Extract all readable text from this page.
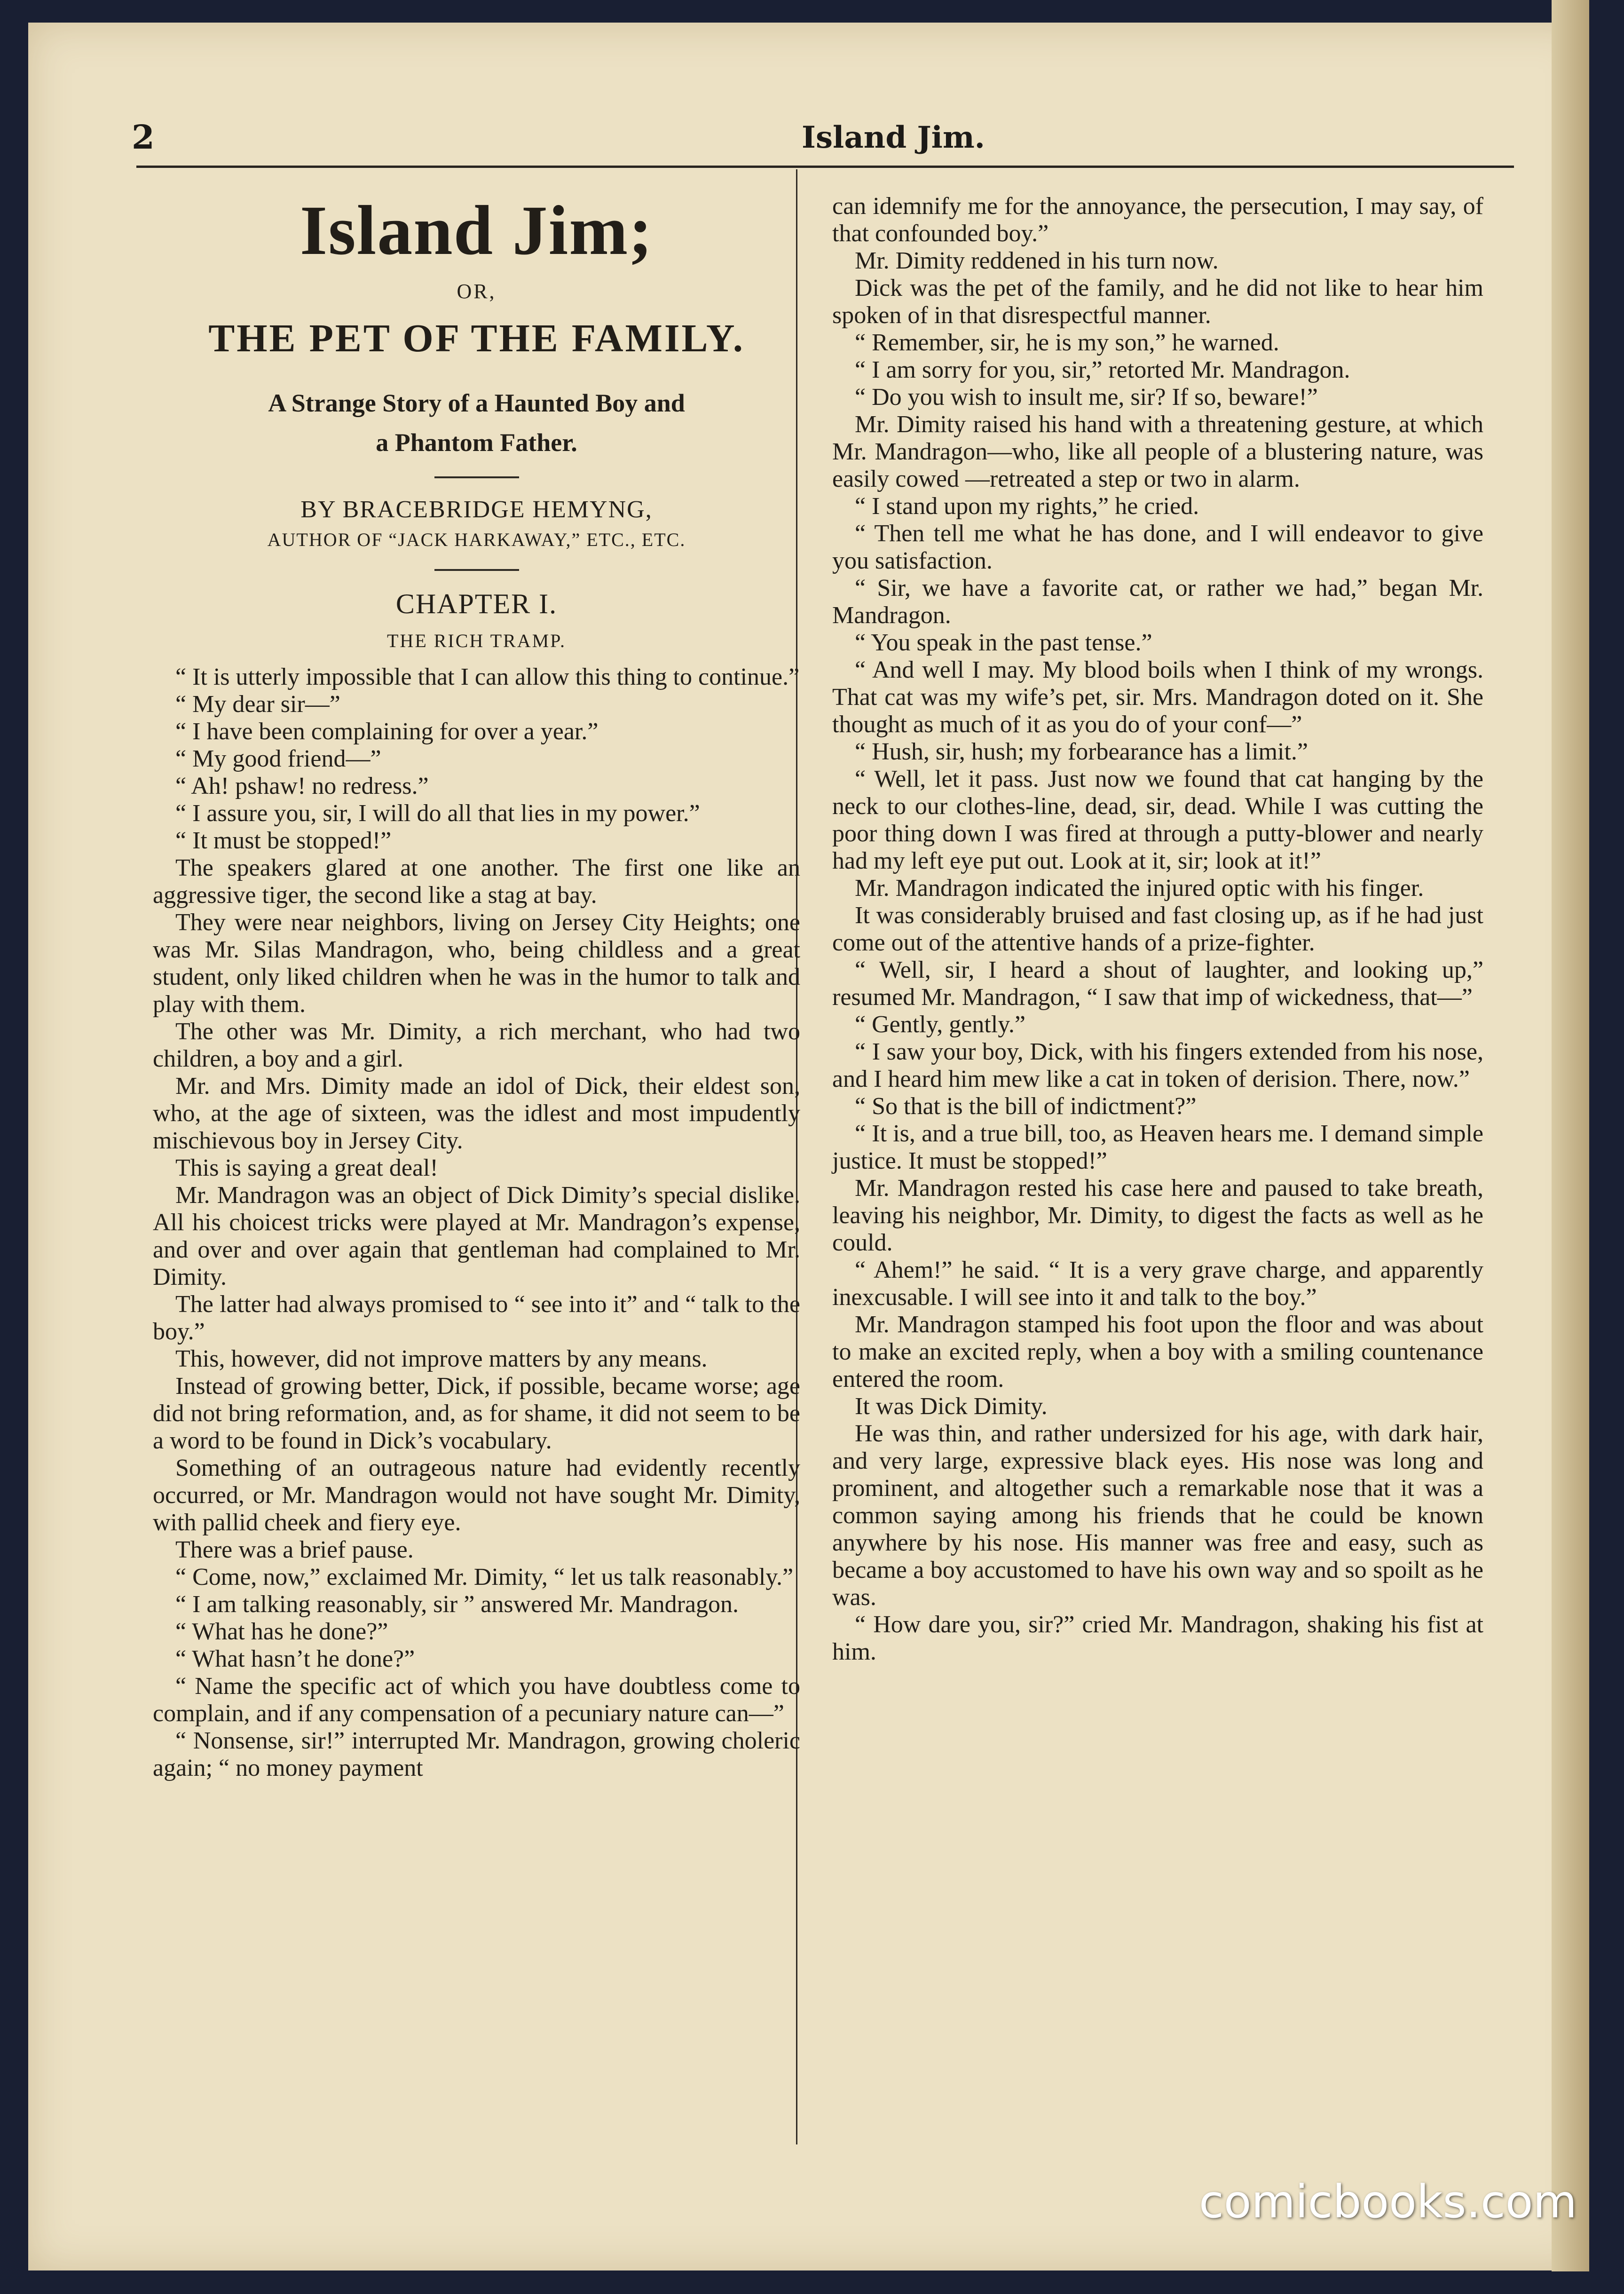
2	Island Jim.
Island Jim;
OR,
THE PET OF THE FAMILY.
A Strange Story of a Haunted Boy and
a Phantom Father.
BY BRACEBRIDGE HEMYNG,
AUTHOR OF “JACK HARKAWAY,” ETC., ETC.
CHAPTER I.
THE RICH TRAMP.

“ It is utterly impossible that I can allow this thing to continue.”

“ My dear sir—”

“ I have been complaining for over a year.”

“ My good friend—”

“ Ah! pshaw! no redress.”

“ I assure you, sir, I will do all that lies in my power.”

“ It must be stopped!”

The speakers glared at one another. The first one like an aggressive tiger, the second like a stag at bay.

They were near neighbors, living on Jersey City Heights; one was Mr. Silas Mandragon, who, being childless and a great student, only liked children when he was in the humor to talk and play with them.

The other was Mr. Dimity, a rich merchant, who had two children, a boy and a girl.

Mr. and Mrs. Dimity made an idol of Dick, their eldest son, who, at the age of sixteen, was the idlest and most impudently mischievous boy in Jersey City.

This is saying a great deal!

Mr. Mandragon was an object of Dick Dimity’s special dislike. All his choicest tricks were played at Mr. Mandragon’s expense, and over and over again that gentleman had complained to Mr. Dimity.

The latter had always promised to “ see into it” and “ talk to the boy.”

This, however, did not improve matters by any means.

Instead of growing better, Dick, if possible, became worse; age did not bring reformation, and, as for shame, it did not seem to be a word to be found in Dick’s vocabulary.

Something of an outrageous nature had evidently recently occurred, or Mr. Mandragon would not have sought Mr. Dimity, with pallid cheek and fiery eye.

There was a brief pause.

“ Come, now,” exclaimed Mr. Dimity, “ let us talk reasonably.”

“ I am talking reasonably, sir ” answered Mr. Mandragon.

“ What has he done?”

“ What hasn’t he done?”

“ Name the specific act of which you have doubtless come to complain, and if any compensation of a pecuniary nature can—”

“ Nonsense, sir!” interrupted Mr. Mandragon, growing choleric again; “ no money payment

can idemnify me for the annoyance, the persecution, I may say, of that confounded boy.”

Mr. Dimity reddened in his turn now.

Dick was the pet of the family, and he did not like to hear him spoken of in that disrespectful manner.

“ Remember, sir, he is my son,” he warned.

“ I am sorry for you, sir,” retorted Mr. Mandragon.

“ Do you wish to insult me, sir? If so, beware!”

Mr. Dimity raised his hand with a threatening gesture, at which Mr. Mandragon—who, like all people of a blustering nature, was easily cowed —retreated a step or two in alarm.

“ I stand upon my rights,” he cried.

“ Then tell me what he has done, and I will endeavor to give you satisfaction.

“ Sir, we have a favorite cat, or rather we had,” began Mr. Mandragon.

“ You speak in the past tense.”

“ And well I may. My blood boils when I think of my wrongs. That cat was my wife’s pet, sir. Mrs. Mandragon doted on it. She thought as much of it as you do of your conf—”

“ Hush, sir, hush; my forbearance has a limit.”

“ Well, let it pass. Just now we found that cat hanging by the neck to our clothes-line, dead, sir, dead. While I was cutting the poor thing down I was fired at through a putty-blower and nearly had my left eye put out. Look at it, sir; look at it!”

Mr. Mandragon indicated the injured optic with his finger.

It was considerably bruised and fast closing up, as if he had just come out of the attentive hands of a prize-fighter.

“ Well, sir, I heard a shout of laughter, and looking up,” resumed Mr. Mandragon, “ I saw that imp of wickedness, that—”

“ Gently, gently.”

“ I saw your boy, Dick, with his fingers extended from his nose, and I heard him mew like a cat in token of derision. There, now.”

“ So that is the bill of indictment?”

“ It is, and a true bill, too, as Heaven hears me. I demand simple justice. It must be stopped!”

Mr. Mandragon rested his case here and paused to take breath, leaving his neighbor, Mr. Dimity, to digest the facts as well as he could.

“ Ahem!” he said. “ It is a very grave charge, and apparently inexcusable. I will see into it and talk to the boy.”

Mr. Mandragon stamped his foot upon the floor and was about to make an excited reply, when a boy with a smiling countenance entered the room.

It was Dick Dimity.

He was thin, and rather undersized for his age, with dark hair, and very large, expressive black eyes. His nose was long and prominent, and altogether such a remarkable nose that it was a common saying among his friends that he could be known anywhere by his nose. His manner was free and easy, such as became a boy accustomed to have his own way and so spoilt as he was.

“ How dare you, sir?” cried Mr. Mandragon, shaking his fist at him.

comicbooks.com
